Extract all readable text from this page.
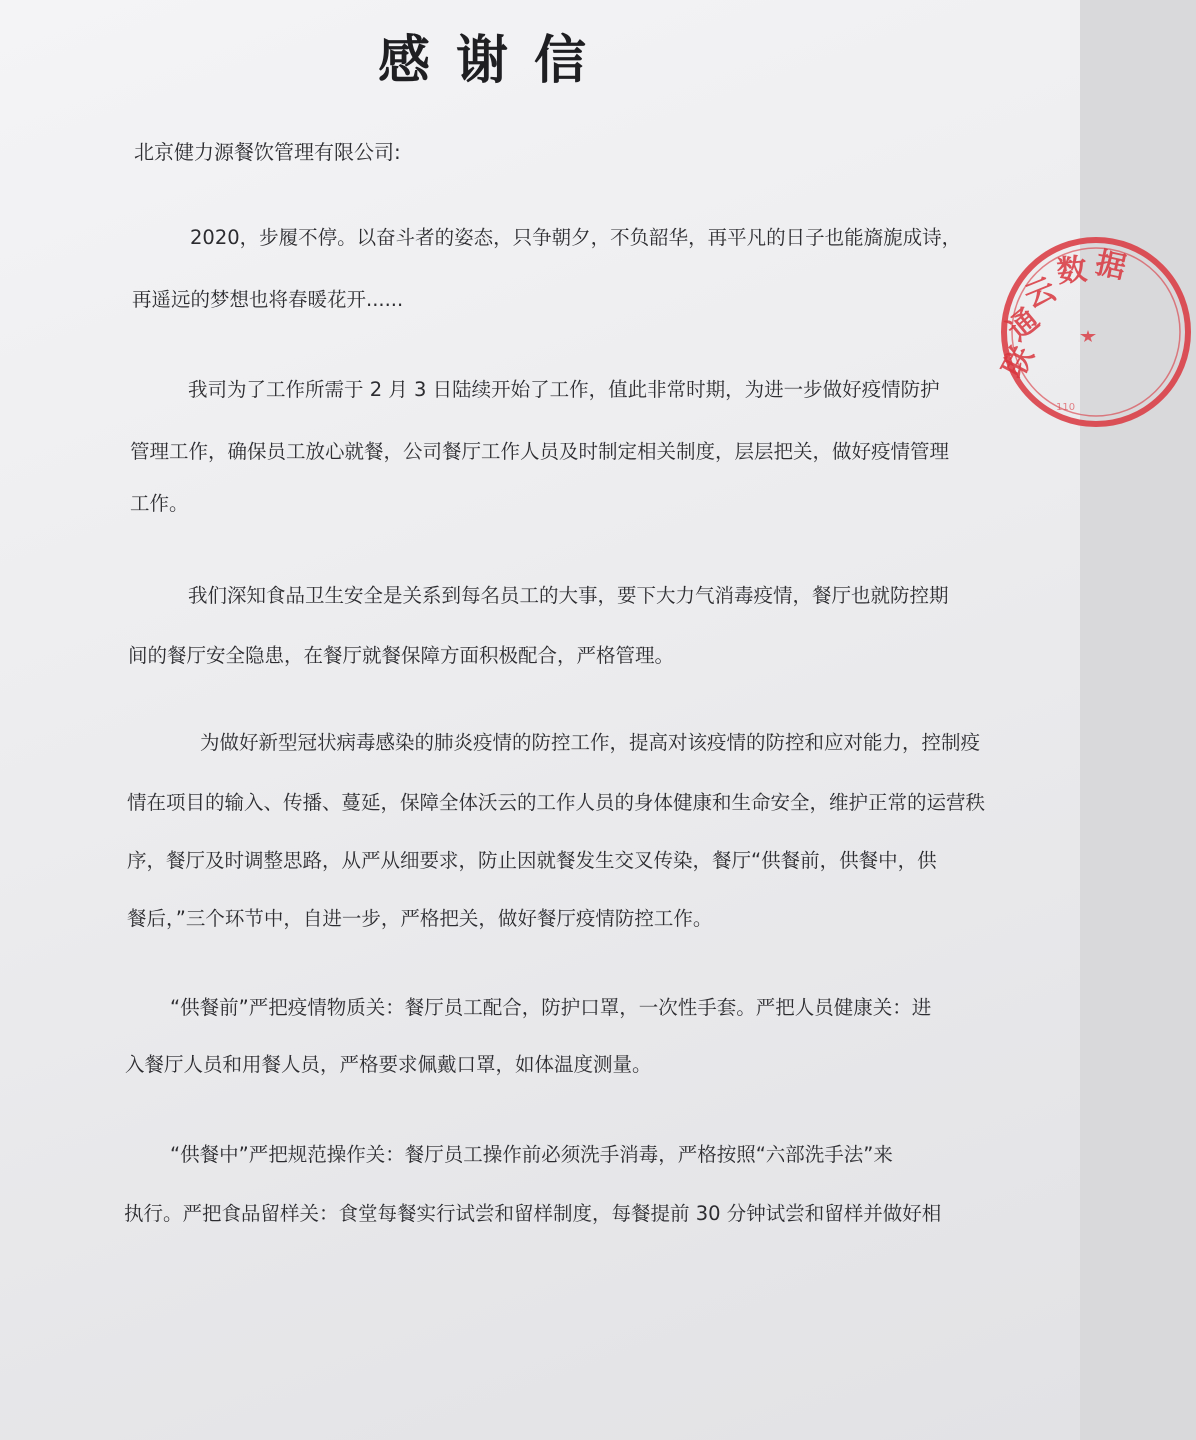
感谢信
北京健力源餐饮管理有限公司:
2020，步履不停。以奋斗者的姿态，只争朝夕，不负韶华，再平凡的日子也能旖旎成诗，
再遥远的梦想也将春暖花开......
我司为了工作所需于 2 月 3 日陆续开始了工作，值此非常时期，为进一步做好疫情防护
管理工作，确保员工放心就餐，公司餐厅工作人员及时制定相关制度，层层把关，做好疫情管理
工作。
我们深知食品卫生安全是关系到每名员工的大事，要下大力气消毒疫情，餐厅也就防控期
间的餐厅安全隐患，在餐厅就餐保障方面积极配合，严格管理。
为做好新型冠状病毒感染的肺炎疫情的防控工作，提高对该疫情的防控和应对能力，控制疫
情在项目的输入、传播、蔓延，保障全体沃云的工作人员的身体健康和生命安全，维护正常的运营秩
序，餐厅及时调整思路，从严从细要求，防止因就餐发生交叉传染，餐厅“供餐前，供餐中，供
餐后，”三个环节中，自进一步，严格把关，做好餐厅疫情防控工作。
“供餐前”严把疫情物质关：餐厅员工配合，防护口罩，一次性手套。严把人员健康关：进
入餐厅人员和用餐人员，严格要求佩戴口罩，如体温度测量。
“供餐中”严把规范操作关：餐厅员工操作前必须洗手消毒，严格按照“六部洗手法”来
执行。严把食品留样关：食堂每餐实行试尝和留样制度，每餐提前 30 分钟试尝和留样并做好相
联
通
云
数 据
110
